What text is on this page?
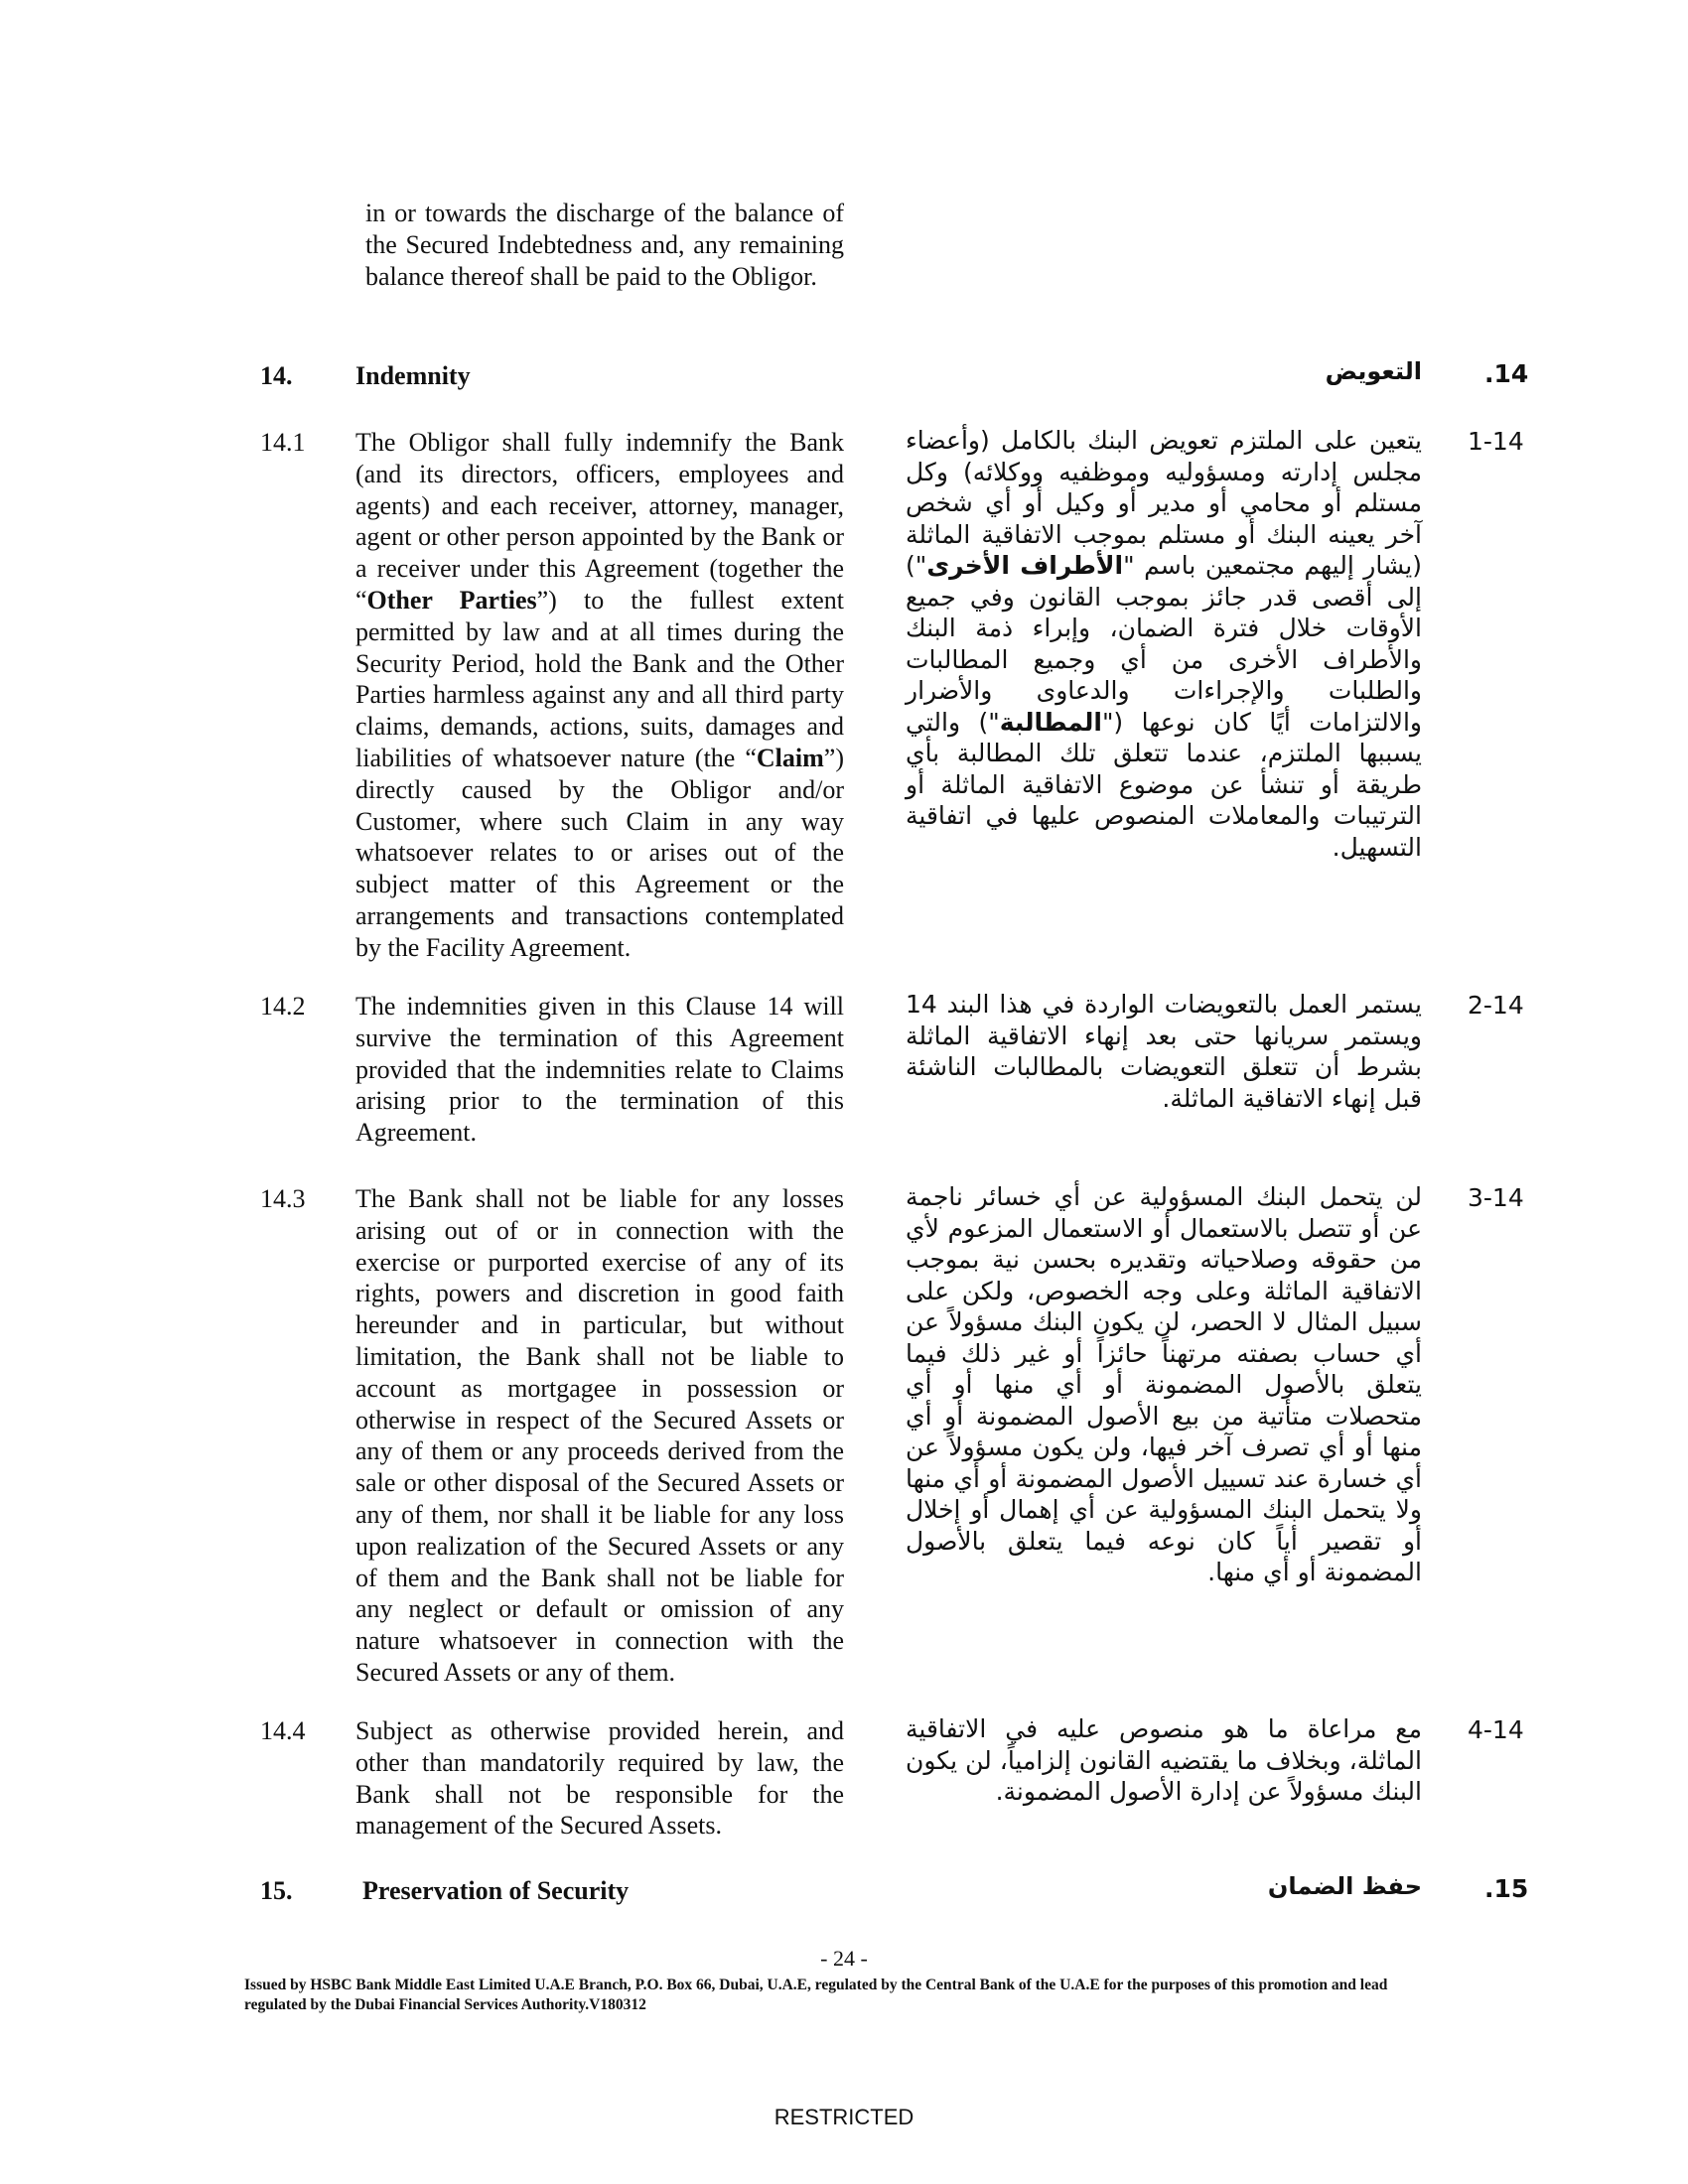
in or towards the discharge of the balance of the Secured Indebtedness and, any remaining balance thereof shall be paid to the Obligor.
14. Indemnity	.14
التعويض
14.1 The Obligor shall fully indemnify the Bank (and its directors, officers, employees and agents) and each receiver, attorney, manager, agent or other person appointed by the Bank or a receiver under this Agreement (together the “Other Parties”) to the fullest extent permitted by law and at all times during the Security Period, hold the Bank and the Other Parties harmless against any and all third party claims, demands, actions, suits, damages and liabilities of whatsoever nature (the “Claim”) directly caused by the Obligor and/or Customer, where such Claim in any way whatsoever relates to or arises out of the subject matter of this Agreement or the arrangements and transactions contemplated by the Facility Agreement.
1-14
يتعين على الملتزم تعويض البنك بالكامل (وأعضاء مجلس إدارته ومسؤوليه وموظفيه ووكلائه) وكل مستلم أو محامي أو مدير أو وكيل أو أي شخص آخر يعينه البنك أو مستلم بموجب الاتفاقية الماثلة (يشار إليهم مجتمعين باسم "الأطراف الأخرى") إلى أقصى قدر جائز بموجب القانون وفي جميع الأوقات خلال فترة الضمان، وإبراء ذمة البنك والأطراف الأخرى من أي وجميع المطالبات والطلبات والإجراءات والدعاوى والأضرار والالتزامات أيًا كان نوعها ("المطالبة") والتي يسببها الملتزم، عندما تتعلق تلك المطالبة بأي طريقة أو تنشأ عن موضوع الاتفاقية الماثلة أو الترتيبات والمعاملات المنصوص عليها في اتفاقية التسهيل.
14.2 The indemnities given in this Clause 14 will survive the termination of this Agreement provided that the indemnities relate to Claims arising prior to the termination of this Agreement.
2-14
يستمر العمل بالتعويضات الواردة في هذا البند 14 ويستمر سريانها حتى بعد إنهاء الاتفاقية الماثلة بشرط أن تتعلق التعويضات بالمطالبات الناشئة قبل إنهاء الاتفاقية الماثلة.
14.3 The Bank shall not be liable for any losses arising out of or in connection with the exercise or purported exercise of any of its rights, powers and discretion in good faith hereunder and in particular, but without limitation, the Bank shall not be liable to account as mortgagee in possession or otherwise in respect of the Secured Assets or any of them or any proceeds derived from the sale or other disposal of the Secured Assets or any of them, nor shall it be liable for any loss upon realization of the Secured Assets or any of them and the Bank shall not be liable for any neglect or default or omission of any nature whatsoever in connection with the Secured Assets or any of them.
3-14
لن يتحمل البنك المسؤولية عن أي خسائر ناجمة عن أو تتصل بالاستعمال أو الاستعمال المزعوم لأي من حقوقه وصلاحياته وتقديره بحسن نية بموجب الاتفاقية الماثلة وعلى وجه الخصوص، ولكن على سبيل المثال لا الحصر، لن يكون البنك مسؤولاً عن أي حساب بصفته مرتهناً حائزاً أو غير ذلك فيما يتعلق بالأصول المضمونة أو أي منها أو أي متحصلات متأتية من بيع الأصول المضمونة أو أي منها أو أي تصرف آخر فيها، ولن يكون مسؤولاً عن أي خسارة عند تسييل الأصول المضمونة أو أي منها ولا يتحمل البنك المسؤولية عن أي إهمال أو إخلال أو تقصير أياً كان نوعه فيما يتعلق بالأصول المضمونة أو أي منها.
14.4 Subject as otherwise provided herein, and other than mandatorily required by law, the Bank shall not be responsible for the management of the Secured Assets.
4-14
مع مراعاة ما هو منصوص عليه في الاتفاقية الماثلة، وبخلاف ما يقتضيه القانون إلزامياً، لن يكون البنك مسؤولاً عن إدارة الأصول المضمونة.
15.	Preservation of Security	.15
حفظ الضمان
- 24 -
Issued by HSBC Bank Middle East Limited U.A.E Branch, P.O. Box 66, Dubai, U.A.E, regulated by the Central Bank of the U.A.E for the purposes of this promotion and lead regulated by the Dubai Financial Services Authority.V180312
RESTRICTED
